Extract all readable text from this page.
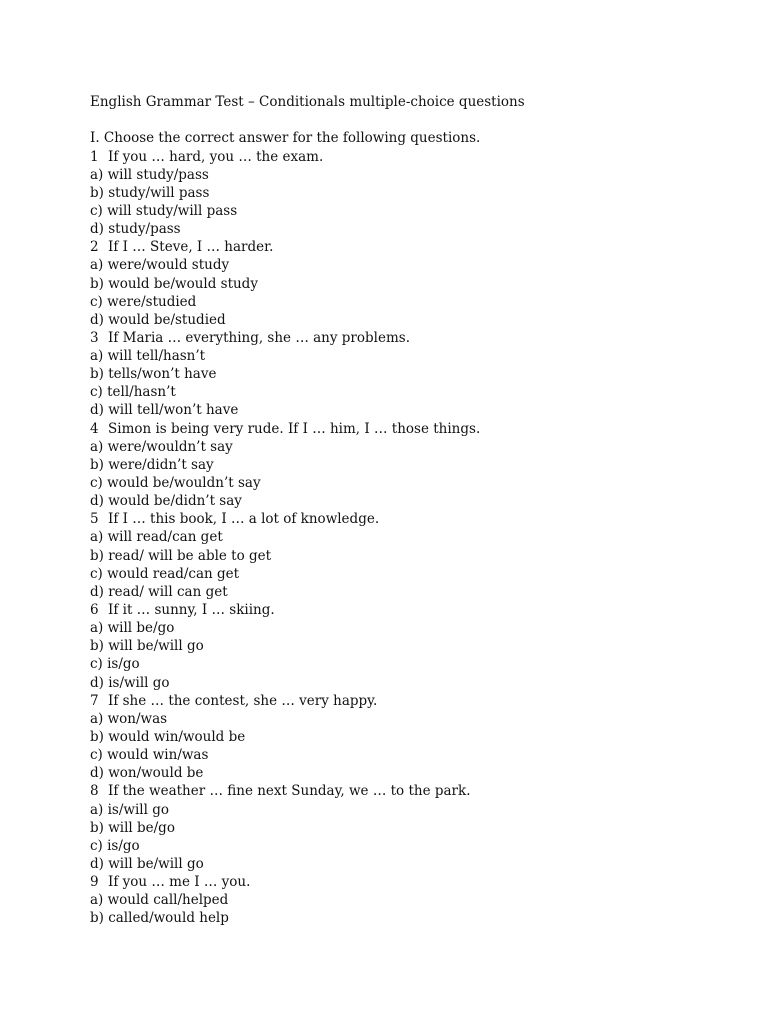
English Grammar Test – Conditionals multiple-choice questions
I. Choose the correct answer for the following questions.
1 If you … hard, you … the exam.
a) will study/pass
b) study/will pass
c) will study/will pass
d) study/pass
2 If I … Steve, I … harder.
a) were/would study
b) would be/would study
c) were/studied
d) would be/studied
3 If Maria … everything, she … any problems.
a) will tell/hasn’t
b) tells/won’t have
c) tell/hasn’t
d) will tell/won’t have
4 Simon is being very rude. If I … him, I … those things.
a) were/wouldn’t say
b) were/didn’t say
c) would be/wouldn’t say
d) would be/didn’t say
5 If I … this book, I … a lot of knowledge.
a) will read/can get
b) read/ will be able to get
c) would read/can get
d) read/ will can get
6 If it … sunny, I … skiing.
a) will be/go
b) will be/will go
c) is/go
d) is/will go
7 If she … the contest, she … very happy.
a) won/was
b) would win/would be
c) would win/was
d) won/would be
8 If the weather … fine next Sunday, we … to the park.
a) is/will go
b) will be/go
c) is/go
d) will be/will go
9 If you … me I … you.
a) would call/helped
b) called/would help
